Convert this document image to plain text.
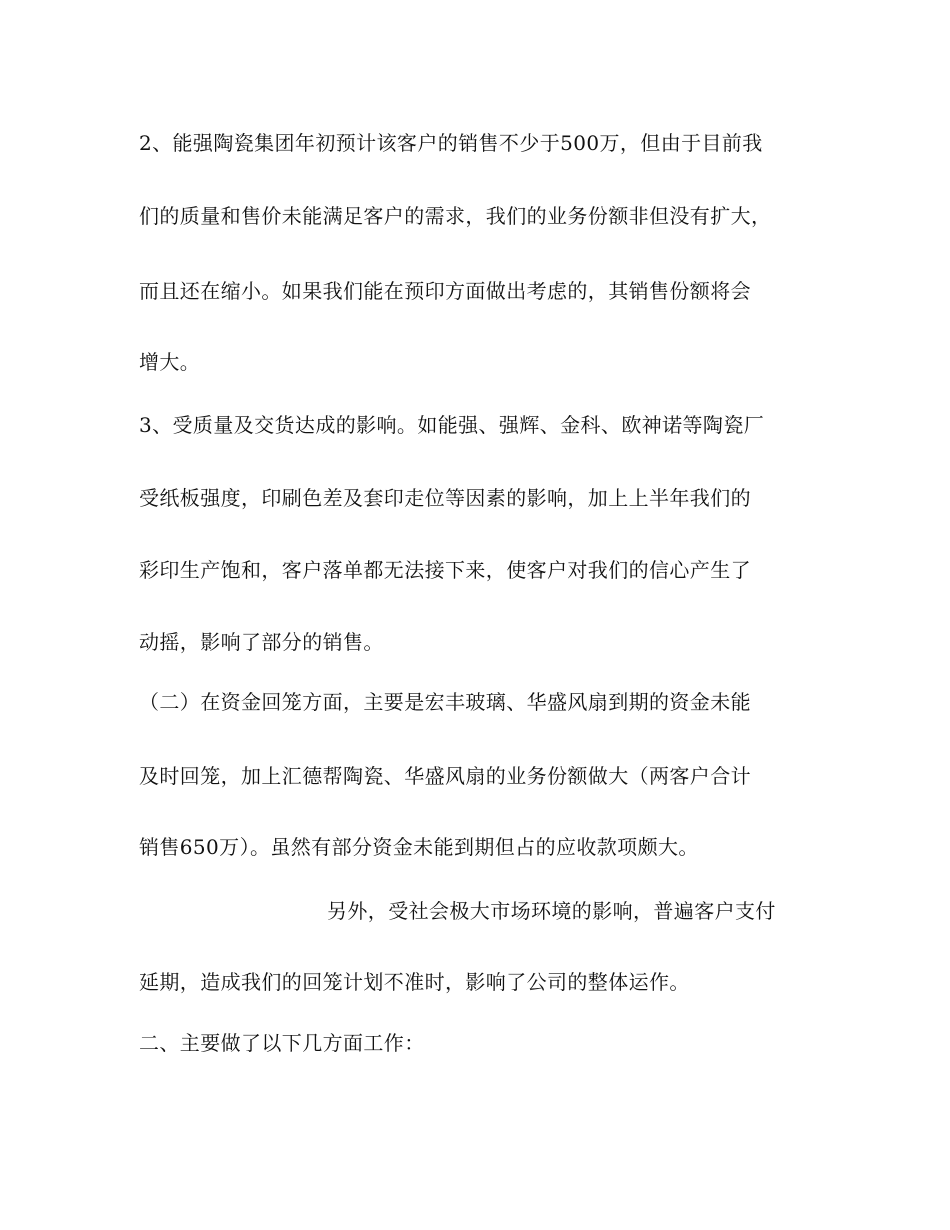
2、能强陶瓷集团年初预计该客户的销售不少于500万，但由于目前我
们的质量和售价未能满足客户的需求，我们的业务份额非但没有扩大，
而且还在缩小。如果我们能在预印方面做出考虑的，其销售份额将会
增大。
3、受质量及交货达成的影响。如能强、强辉、金科、欧神诺等陶瓷厂
受纸板强度，印刷色差及套印走位等因素的影响，加上上半年我们的
彩印生产饱和，客户落单都无法接下来，使客户对我们的信心产生了
动摇，影响了部分的销售。
（二）在资金回笼方面，主要是宏丰玻璃、华盛风扇到期的资金未能
及时回笼，加上汇德帮陶瓷、华盛风扇的业务份额做大（两客户合计
销售650万）。虽然有部分资金未能到期但占的应收款项颇大。
另外，受社会极大市场环境的影响，普遍客户支付
延期，造成我们的回笼计划不准时，影响了公司的整体运作。
二、主要做了以下几方面工作：
